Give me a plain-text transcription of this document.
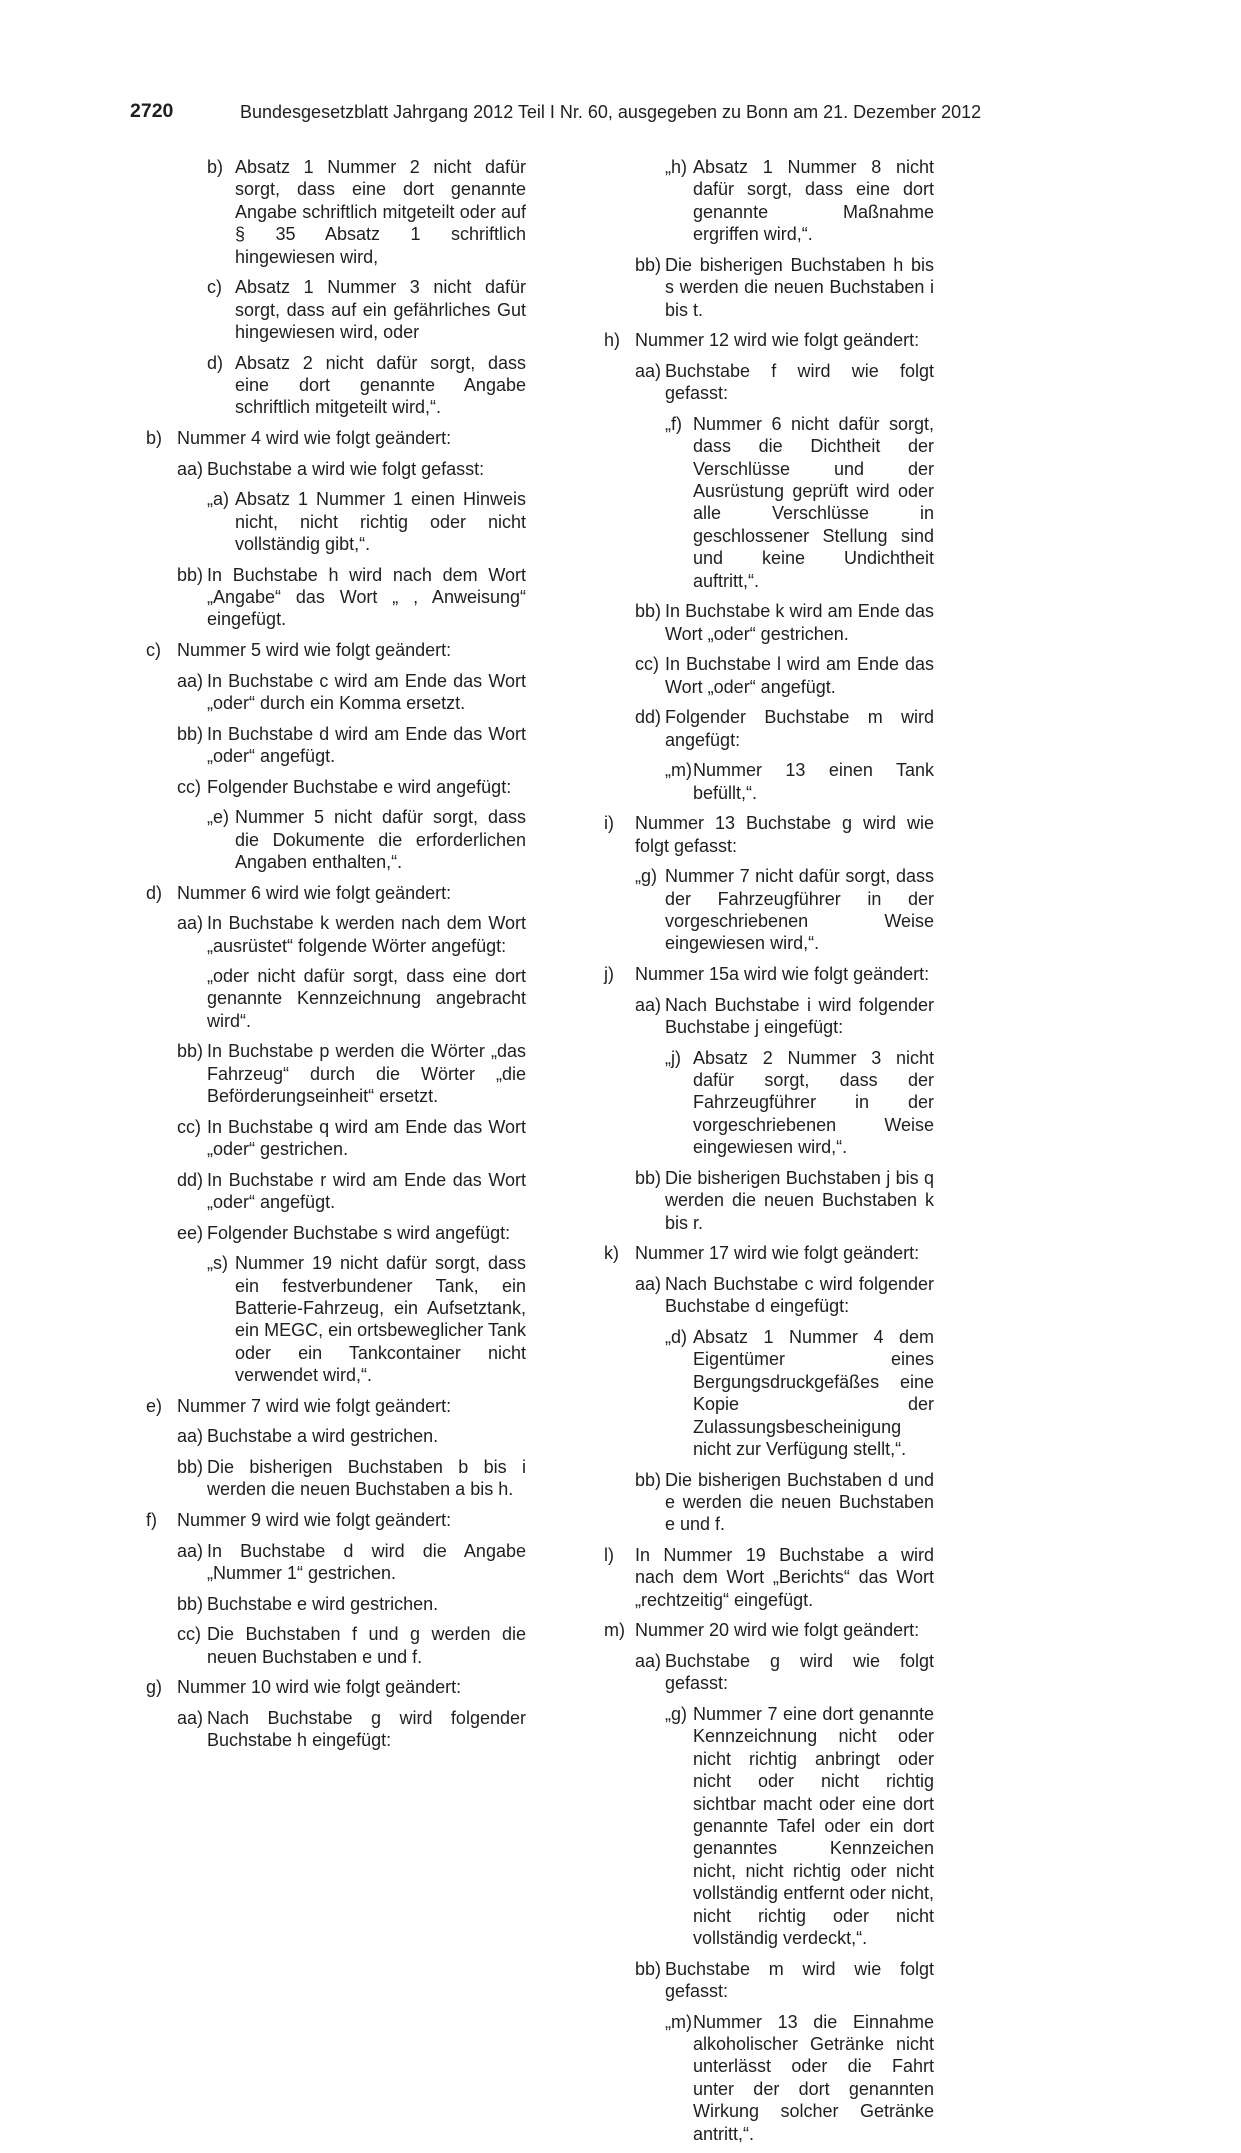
2720	Bundesgesetzblatt Jahrgang 2012 Teil I Nr. 60, ausgegeben zu Bonn am 21. Dezember 2012
b) Absatz 1 Nummer 2 nicht dafür sorgt, dass eine dort genannte Angabe schriftlich mitgeteilt oder auf § 35 Absatz 1 schriftlich hingewiesen wird,

c) Absatz 1 Nummer 3 nicht dafür sorgt, dass auf ein gefährliches Gut hingewiesen wird, oder

d) Absatz 2 nicht dafür sorgt, dass eine dort genannte Angabe schriftlich mitgeteilt wird,“.

b) Nummer 4 wird wie folgt geändert:

aa) Buchstabe a wird wie folgt gefasst:

„a) Absatz 1 Nummer 1 einen Hinweis nicht, nicht richtig oder nicht vollständig gibt,“.

bb) In Buchstabe h wird nach dem Wort „Angabe“ das Wort „ , Anweisung“ eingefügt.

c) Nummer 5 wird wie folgt geändert:

aa) In Buchstabe c wird am Ende das Wort „oder“ durch ein Komma ersetzt.

bb) In Buchstabe d wird am Ende das Wort „oder“ angefügt.

cc) Folgender Buchstabe e wird angefügt:

„e) Nummer 5 nicht dafür sorgt, dass die Dokumente die erforderlichen Angaben enthalten,“.

d) Nummer 6 wird wie folgt geändert:

aa) In Buchstabe k werden nach dem Wort „ausrüstet“ folgende Wörter angefügt:

„oder nicht dafür sorgt, dass eine dort genannte Kennzeichnung angebracht wird“.

bb) In Buchstabe p werden die Wörter „das Fahrzeug“ durch die Wörter „die Beförderungseinheit“ ersetzt.

cc) In Buchstabe q wird am Ende das Wort „oder“ gestrichen.

dd) In Buchstabe r wird am Ende das Wort „oder“ angefügt.

ee) Folgender Buchstabe s wird angefügt:

„s) Nummer 19 nicht dafür sorgt, dass ein festverbundener Tank, ein Batterie-Fahrzeug, ein Aufsetztank, ein MEGC, ein ortsbeweglicher Tank oder ein Tankcontainer nicht verwendet wird,“.

e) Nummer 7 wird wie folgt geändert:

aa) Buchstabe a wird gestrichen.

bb) Die bisherigen Buchstaben b bis i werden die neuen Buchstaben a bis h.

f) Nummer 9 wird wie folgt geändert:

aa) In Buchstabe d wird die Angabe „Nummer 1“ gestrichen.

bb) Buchstabe e wird gestrichen.

cc) Die Buchstaben f und g werden die neuen Buchstaben e und f.

g) Nummer 10 wird wie folgt geändert:

aa) Nach Buchstabe g wird folgender Buchstabe h eingefügt:

„h) Absatz 1 Nummer 8 nicht dafür sorgt, dass eine dort genannte Maßnahme ergriffen wird,“.

bb) Die bisherigen Buchstaben h bis s werden die neuen Buchstaben i bis t.

h) Nummer 12 wird wie folgt geändert:

aa) Buchstabe f wird wie folgt gefasst:

„f) Nummer 6 nicht dafür sorgt, dass die Dichtheit der Verschlüsse und der Ausrüstung geprüft wird oder alle Verschlüsse in geschlossener Stellung sind und keine Undichtheit auftritt,“.

bb) In Buchstabe k wird am Ende das Wort „oder“ gestrichen.

cc) In Buchstabe l wird am Ende das Wort „oder“ angefügt.

dd) Folgender Buchstabe m wird angefügt:

„m) Nummer 13 einen Tank befüllt,“.

i) Nummer 13 Buchstabe g wird wie folgt gefasst:

„g) Nummer 7 nicht dafür sorgt, dass der Fahrzeugführer in der vorgeschriebenen Weise eingewiesen wird,“.

j) Nummer 15a wird wie folgt geändert:

aa) Nach Buchstabe i wird folgender Buchstabe j eingefügt:

„j) Absatz 2 Nummer 3 nicht dafür sorgt, dass der Fahrzeugführer in der vorgeschriebenen Weise eingewiesen wird,“.

bb) Die bisherigen Buchstaben j bis q werden die neuen Buchstaben k bis r.

k) Nummer 17 wird wie folgt geändert:

aa) Nach Buchstabe c wird folgender Buchstabe d eingefügt:

„d) Absatz 1 Nummer 4 dem Eigentümer eines Bergungsdruckgefäßes eine Kopie der Zulassungsbescheinigung nicht zur Verfügung stellt,“.

bb) Die bisherigen Buchstaben d und e werden die neuen Buchstaben e und f.

l) In Nummer 19 Buchstabe a wird nach dem Wort „Berichts“ das Wort „rechtzeitig“ eingefügt.

m) Nummer 20 wird wie folgt geändert:

aa) Buchstabe g wird wie folgt gefasst:

„g) Nummer 7 eine dort genannte Kennzeichnung nicht oder nicht richtig anbringt oder nicht oder nicht richtig sichtbar macht oder eine dort genannte Tafel oder ein dort genanntes Kennzeichen nicht, nicht richtig oder nicht vollständig entfernt oder nicht, nicht richtig oder nicht vollständig verdeckt,“.

bb) Buchstabe m wird wie folgt gefasst:

„m) Nummer 13 die Einnahme alkoholischer Getränke nicht unterlässt oder die Fahrt unter der dort genannten Wirkung solcher Getränke antritt,“.
